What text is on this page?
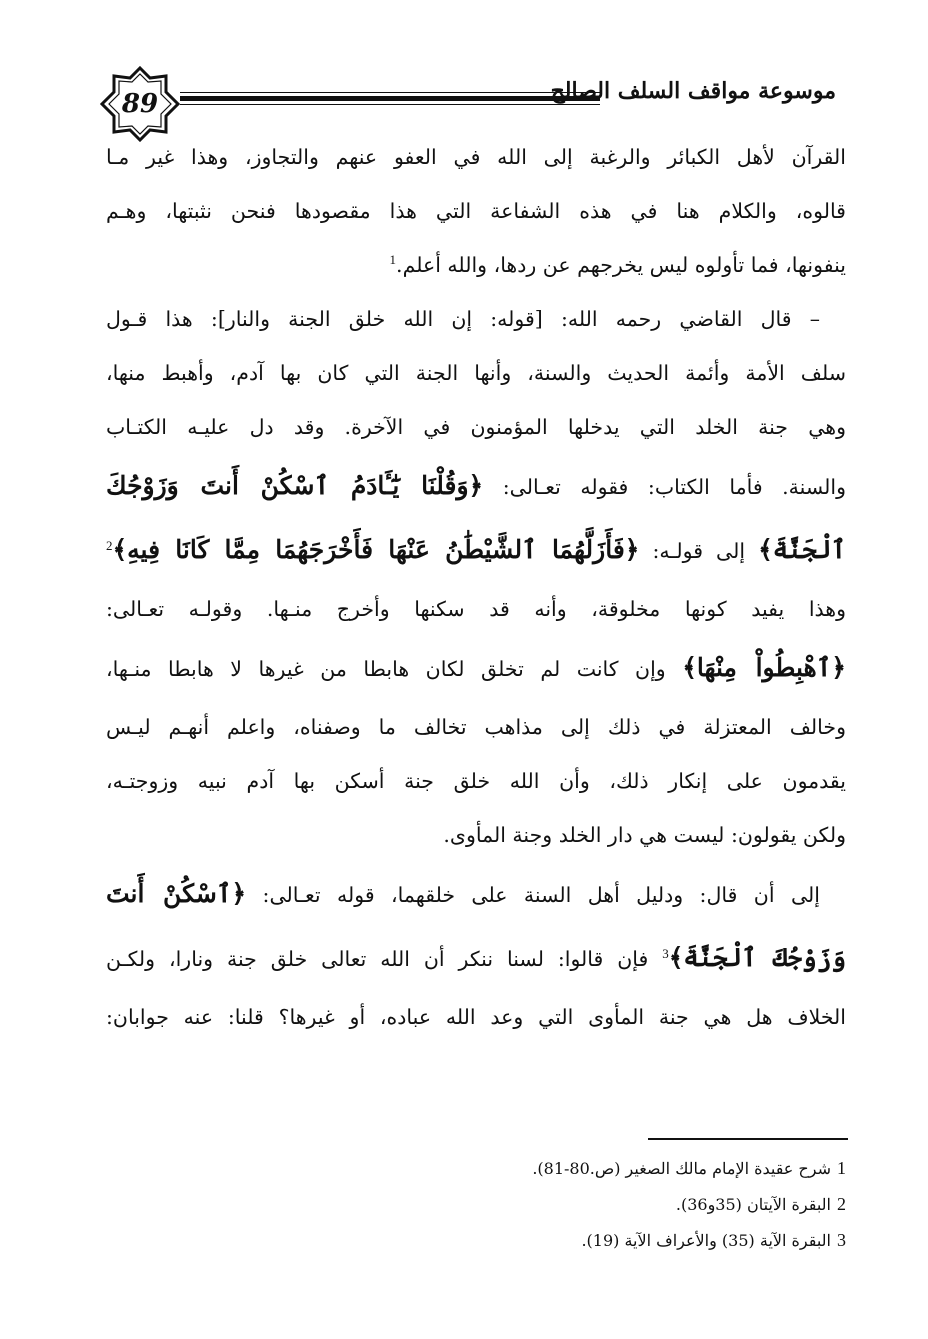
89	موسوعة مواقف السلف الصالح
القرآن لأهل الكبائر والرغبة إلى الله في العفو عنهم والتجاوز، وهذا غير مـا
قالوه، والكلام هنا في هذه الشفاعة التي هذا مقصودها فنحن نثبتها، وهـم
ينفونها، فما تأولوه ليس يخرجهم عن ردها، والله أعلم.$^1$
– قال القاضي رحمه الله: [قوله: إن الله خلق الجنة والنار]: هذا قـول
سلف الأمة وأئمة الحديث والسنة، وأنها الجنة التي كان بها آدم، وأهبط منها،
وهي جنة الخلد التي يدخلها المؤمنون في الآخرة. وقد دل عليـه الكتـاب
والسنة. فأما الكتاب: فقوله تعـالى: ﴿وَقُلْنَا يَٰٓـَٔادَمُ ٱسْكُنْ أَنتَ وَزَوْجُكَ
ٱلْجَنَّةَ﴾ إلى قولـه: ﴿فَأَزَلَّهُمَا ٱلشَّيْطَٰنُ عَنْهَا فَأَخْرَجَهُمَا مِمَّا كَانَا فِيهِ﴾$^2$
وهذا يفيد كونها مخلوقة، وأنه قد سكنها وأخرج منـها. وقولـه تعـالى:
﴿ٱهْبِطُواْ مِنْهَا﴾ وإن كانت لم تخلق لكان هابطا من غيرها لا هابطا منـها،
وخالف المعتزلة في ذلك إلى مذاهب تخالف ما وصفناه، واعلم أنهـم ليـس
يقدمون على إنكار ذلك، وأن الله خلق جنة أسكن بها آدم نبيه وزوجتـه،
ولكن يقولون: ليست هي دار الخلد وجنة المأوى.
إلى أن قال: ودليل أهل السنة على خلقهما، قوله تعـالى: ﴿ٱسْكُنْ أَنتَ
وَزَوْجُكَ ٱلْجَنَّةَ﴾$^3$ فإن قالوا: لسنا ننكر أن الله تعالى خلق جنة ونارا، ولكـن
الخلاف هل هي جنة المأوى التي وعد الله عباده، أو غيرها؟ قلنا: عنه جوابان:
1شرح عقيدة الإمام مالك الصغير (ص.80-81).
2البقرة الآيتان (35و36).
3البقرة الآية (35) والأعراف الآية (19).
